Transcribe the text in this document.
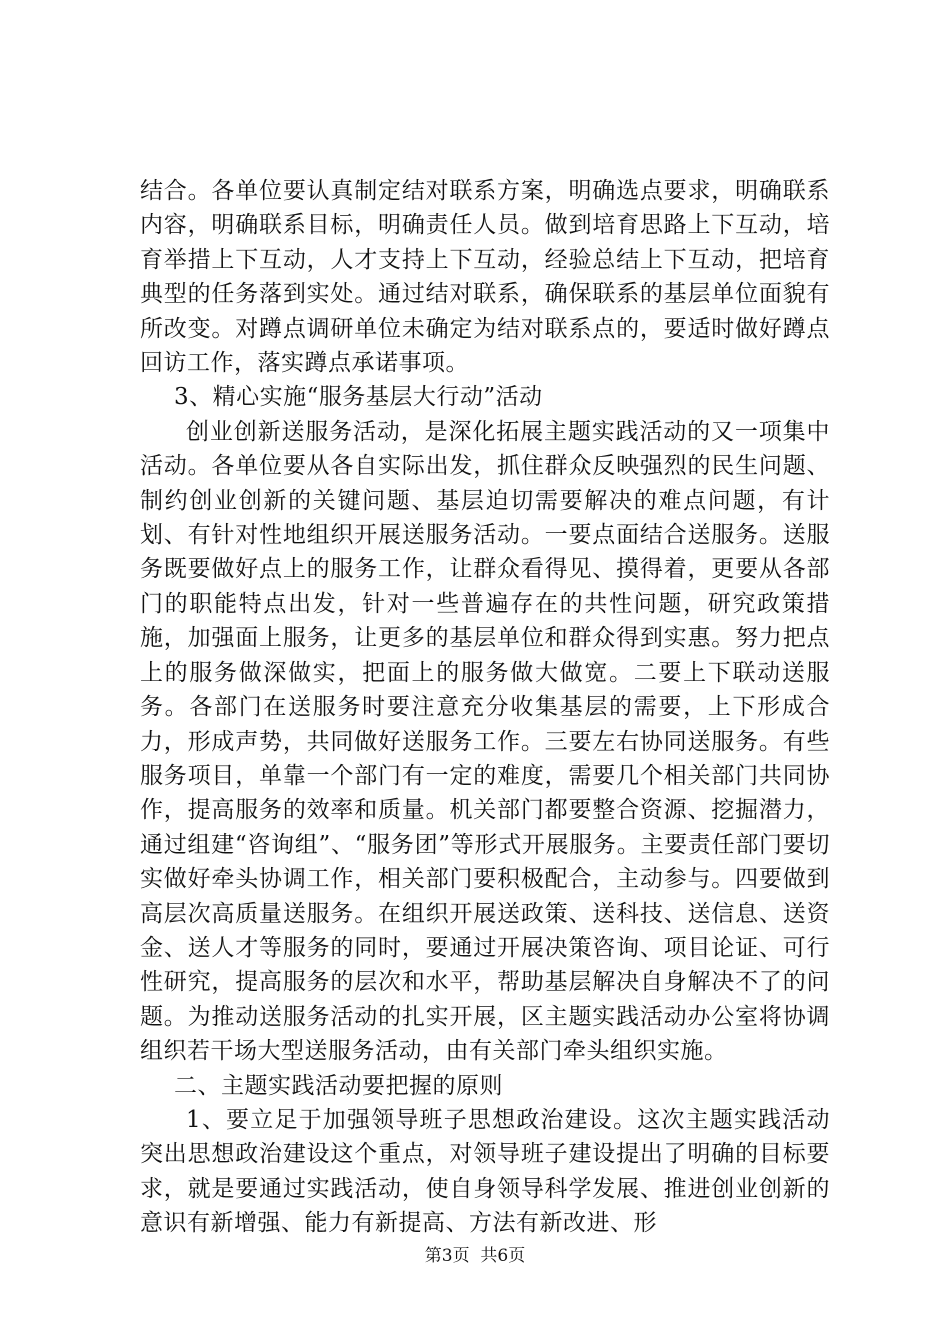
结合。各单位要认真制定结对联系方案，明确选点要求，明确联系内容，明确联系目标，明确责任人员。做到培育思路上下互动，培育举措上下互动，人才支持上下互动，经验总结上下互动，把培育典型的任务落到实处。通过结对联系，确保联系的基层单位面貌有所改变。对蹲点调研单位未确定为结对联系点的，要适时做好蹲点回访工作，落实蹲点承诺事项。

3、精心实施“服务基层大行动”活动

创业创新送服务活动，是深化拓展主题实践活动的又一项集中活动。各单位要从各自实际出发，抓住群众反映强烈的民生问题、制约创业创新的关键问题、基层迫切需要解决的难点问题，有计划、有针对性地组织开展送服务活动。一要点面结合送服务。送服务既要做好点上的服务工作，让群众看得见、摸得着，更要从各部门的职能特点出发，针对一些普遍存在的共性问题，研究政策措施，加强面上服务，让更多的基层单位和群众得到实惠。努力把点上的服务做深做实，把面上的服务做大做宽。二要上下联动送服务。各部门在送服务时要注意充分收集基层的需要，上下形成合力，形成声势，共同做好送服务工作。三要左右协同送服务。有些服务项目，单靠一个部门有一定的难度，需要几个相关部门共同协作，提高服务的效率和质量。机关部门都要整合资源、挖掘潜力，通过组建“咨询组”、“服务团”等形式开展服务。主要责任部门要切实做好牵头协调工作，相关部门要积极配合，主动参与。四要做到高层次高质量送服务。在组织开展送政策、送科技、送信息、送资金、送人才等服务的同时，要通过开展决策咨询、项目论证、可行性研究，提高服务的层次和水平，帮助基层解决自身解决不了的问题。为推动送服务活动的扎实开展，区主题实践活动办公室将协调组织若干场大型送服务活动，由有关部门牵头组织实施。

二、主题实践活动要把握的原则

1、要立足于加强领导班子思想政治建设。这次主题实践活动突出思想政治建设这个重点，对领导班子建设提出了明确的目标要求，就是要通过实践活动，使自身领导科学发展、推进创业创新的意识有新增强、能力有新提高、方法有新改进、形

第3页  共6页
